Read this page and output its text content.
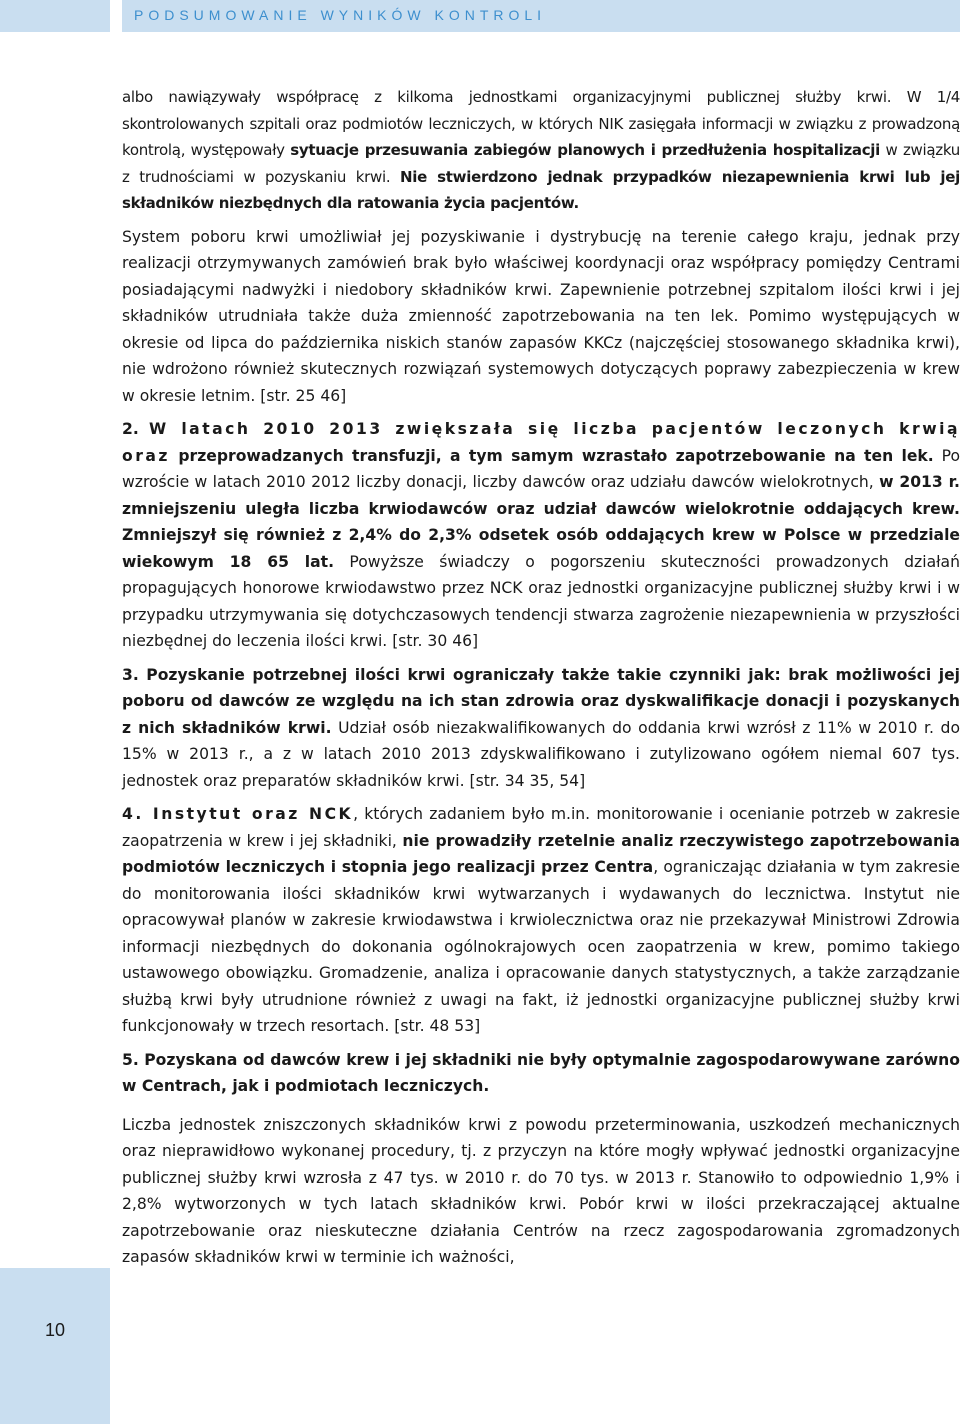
PODSUMOWANIE WYNIKÓW KONTROLI
10

albo nawiązywały współpracę z kilkoma jednostkami organizacyjnymi publicznej służby krwi. W 1/4 skontrolowanych szpitali oraz podmiotów leczniczych, w których NIK zasięgała informacji w związku z prowadzoną kontrolą, występowały sytuacje przesuwania zabiegów planowych i przedłużenia hospitalizacji w związku z trudnościami w pozyskaniu krwi. Nie stwierdzono jednak przypadków niezapewnienia krwi lub jej składników niezbędnych dla ratowania życia pacjentów.

System poboru krwi umożliwiał jej pozyskiwanie i dystrybucję na terenie całego kraju, jednak przy realizacji otrzymywanych zamówień brak było właściwej koordynacji oraz współpracy pomiędzy Centrami posiadającymi nadwyżki i niedobory składników krwi. Zapewnienie potrzebnej szpitalom ilości krwi i jej składników utrudniała także duża zmienność zapotrzebowania na ten lek. Pomimo występujących w okresie od lipca do października niskich stanów zapasów KKCz (najczęściej stosowanego składnika krwi), nie wdrożono również skutecznych rozwiązań systemowych dotyczących poprawy zabezpieczenia w krew w okresie letnim. [str. 25 46]

2. W latach 2010 2013 zwiększała się liczba pacjentów leczonych krwią oraz przeprowadzanych transfuzji, a tym samym wzrastało zapotrzebowanie na ten lek. Po wzroście w latach 2010 2012 liczby donacji, liczby dawców oraz udziału dawców wielokrotnych, w 2013 r. zmniejszeniu uległa liczba krwiodawców oraz udział dawców wielokrotnie oddających krew. Zmniejszył się również z 2,4% do 2,3% odsetek osób oddających krew w Polsce w przedziale wiekowym 18 65 lat. Powyższe świadczy o pogorszeniu skuteczności prowadzonych działań propagujących honorowe krwiodawstwo przez NCK oraz jednostki organizacyjne publicznej służby krwi i w przypadku utrzymywania się dotychczasowych tendencji stwarza zagrożenie niezapewnienia w przyszłości niezbędnej do leczenia ilości krwi. [str. 30 46]

3. Pozyskanie potrzebnej ilości krwi ograniczały także takie czynniki jak: brak możliwości jej poboru od dawców ze względu na ich stan zdrowia oraz dyskwalifikacje donacji i pozyskanych z nich składników krwi. Udział osób niezakwalifikowanych do oddania krwi wzrósł z 11% w 2010 r. do 15% w 2013 r., a z w latach 2010 2013 zdyskwalifikowano i zutylizowano ogółem niemal 607 tys. jednostek oraz preparatów składników krwi. [str. 34 35, 54]

4. Instytut oraz NCK, których zadaniem było m.in. monitorowanie i ocenianie potrzeb w zakresie zaopatrzenia w krew i jej składniki, nie prowadziły rzetelnie analiz rzeczywistego zapotrzebowania podmiotów leczniczych i stopnia jego realizacji przez Centra, ograniczając działania w tym zakresie do monitorowania ilości składników krwi wytwarzanych i wydawanych do lecznictwa. Instytut nie opracowywał planów w zakresie krwiodawstwa i krwiolecznictwa oraz nie przekazywał Ministrowi Zdrowia informacji niezbędnych do dokonania ogólnokrajowych ocen zaopatrzenia w krew, pomimo takiego ustawowego obowiązku. Gromadzenie, analiza i opracowanie danych statystycznych, a także zarządzanie służbą krwi były utrudnione również z uwagi na fakt, iż jednostki organizacyjne publicznej służby krwi funkcjonowały w trzech resortach. [str. 48 53]

5. Pozyskana od dawców krew i jej składniki nie były optymalnie zagospodarowywane zarówno w Centrach, jak i podmiotach leczniczych.

Liczba jednostek zniszczonych składników krwi z powodu przeterminowania, uszkodzeń mechanicznych oraz nieprawidłowo wykonanej procedury, tj. z przyczyn na które mogły wpływać jednostki organizacyjne publicznej służby krwi wzrosła z 47 tys. w 2010 r. do 70 tys. w 2013 r. Stanowiło to odpowiednio 1,9% i 2,8% wytworzonych w tych latach składników krwi. Pobór krwi w ilości przekraczającej aktualne zapotrzebowanie oraz nieskuteczne działania Centrów na rzecz zagospodarowania zgromadzonych zapasów składników krwi w terminie ich ważności,
